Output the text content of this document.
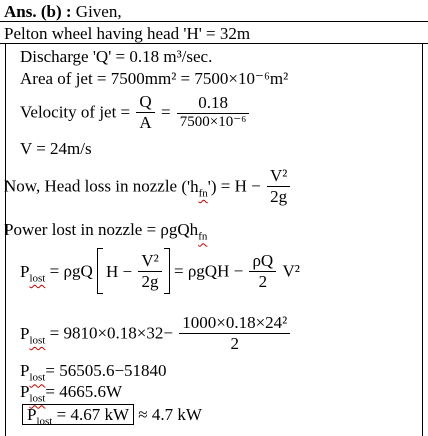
Ans. (b) : Given,
Pelton wheel having head 'H' = 32m
Discharge 'Q' = 0.18 m³/sec.
Area of jet = 7500mm² = 7500×10⁻⁶m²
Velocity of jet = $\frac{Q}{A} = \frac{0.18}{\text{7500×10⁻⁶}}$
V = 24m/s
Now, Head loss in nozzle $('h_{fn}') = H - \frac{\text{V²}}{2g}$
Power lost in nozzle = ρgQh$_{fn}$
$P_{lost} = \rho gQ$ $H - \frac{\text{V²}}{2g} = \rho gQH - \frac{\rho Q}{2} V^2$
$P_{lost} = 9810\times 0.18\times 32- \frac{\text{1000×0.18×24²}}{2}$
$P_{lost}= 56505.6-51840$
$P_{lost}= 4665.6W$
$P_{lost} = 4.67$ kW ≈ 4.7 kW
